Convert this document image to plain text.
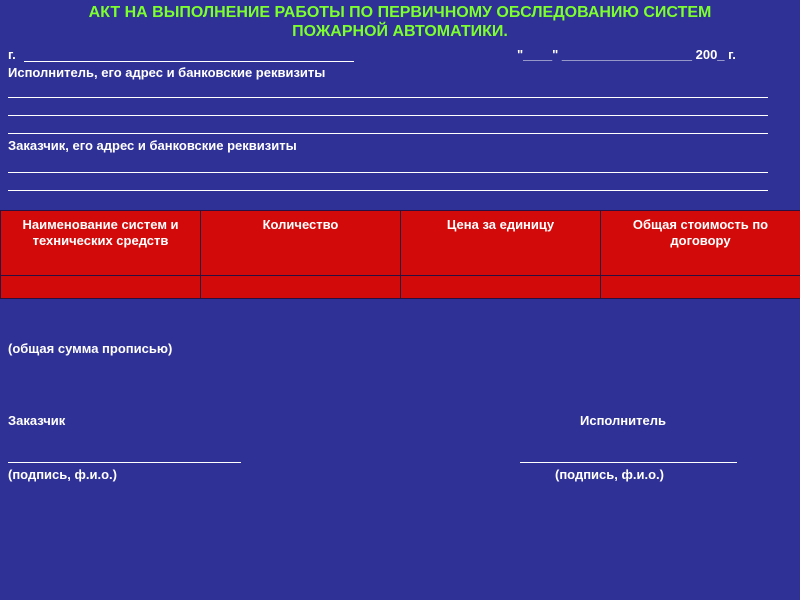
АКТ НА ВЫПОЛНЕНИЕ РАБОТЫ ПО ПЕРВИЧНОМУ ОБСЛЕДОВАНИЮ СИСТЕМ
ПОЖАРНОЙ АВТОМАТИКИ.
г.	"____" __________________ 200_ г.
Исполнитель, его адрес и банковские реквизиты
Заказчик, его адрес и банковские реквизиты
Наименование систем и технических средств	Количество	Цена за единицу	Общая стоимость по договору

(общая сумма прописью)
Заказчик	Исполнитель
(подпись, ф.и.о.)	(подпись, ф.и.о.)
